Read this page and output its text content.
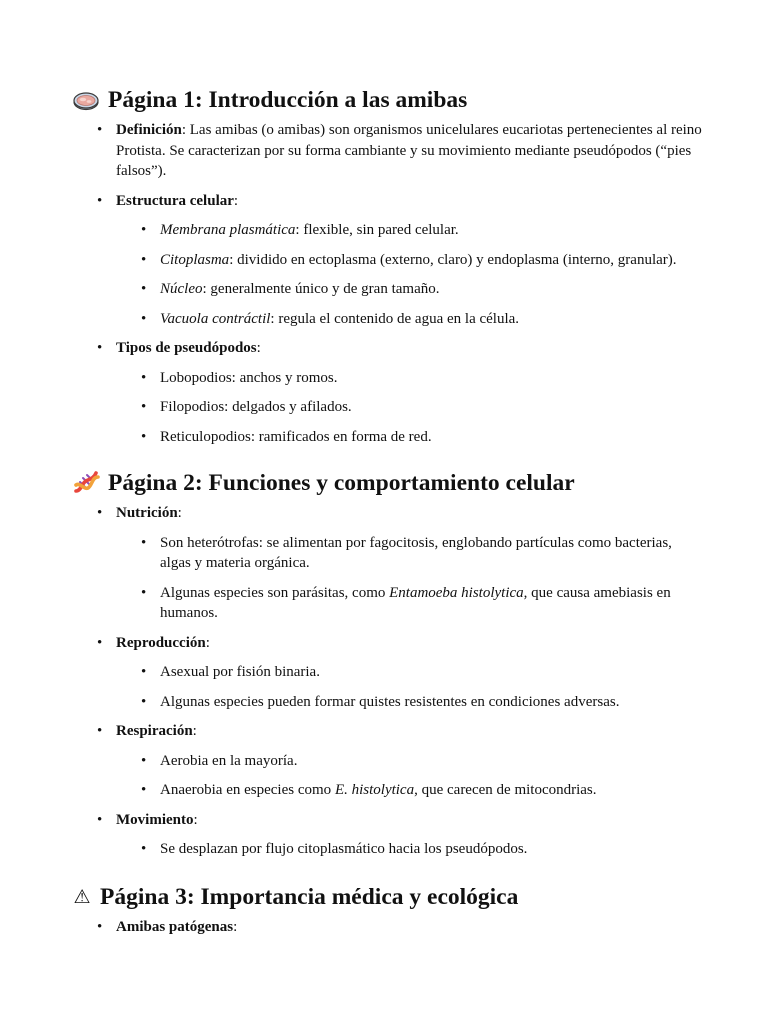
Página 1: Introducción a las amibas
• Definición: Las amibas (o amibas) son organismos unicelulares eucariotas pertenecientes al reino Protista. Se caracterizan por su forma cambiante y su movimiento mediante pseudópodos (“pies falsos”).
• Estructura celular:
• Membrana plasmática: flexible, sin pared celular.
• Citoplasma: dividido en ectoplasma (externo, claro) y endoplasma (interno, granular).
• Núcleo: generalmente único y de gran tamaño.
• Vacuola contráctil: regula el contenido de agua en la célula.
• Tipos de pseudópodos:
• Lobopodios: anchos y romos.
• Filopodios: delgados y afilados.
• Reticulopodios: ramificados en forma de red.
Página 2: Funciones y comportamiento celular
• Nutrición:
• Son heterótrofas: se alimentan por fagocitosis, englobando partículas como bacterias, algas y materia orgánica.
• Algunas especies son parásitas, como Entamoeba histolytica, que causa amebiasis en humanos.
• Reproducción:
• Asexual por fisión binaria.
• Algunas especies pueden formar quistes resistentes en condiciones adversas.
• Respiración:
• Aerobia en la mayoría.
• Anaerobia en especies como E. histolytica, que carecen de mitocondrias.
• Movimiento:
• Se desplazan por flujo citoplasmático hacia los pseudópodos.
⚠ Página 3: Importancia médica y ecológica
• Amibas patógenas:
